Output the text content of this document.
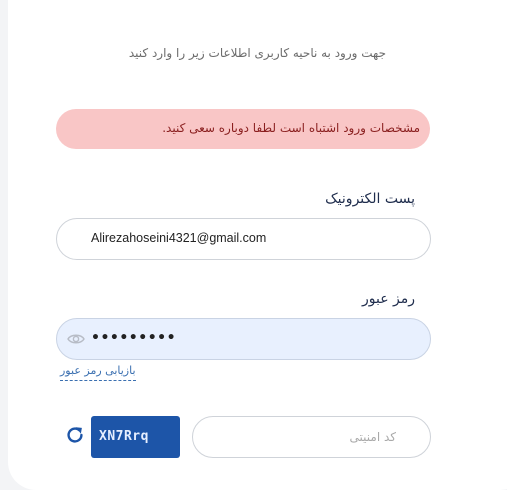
جهت ورود به ناحیه کاربری اطلاعات زیر را وارد کنید
مشخصات ورود اشتباه است لطفا دوباره سعی کنید.
پست الکترونیک
Alirezahoseini4321@gmail.com
رمز عبور
•••••••••
بازیابی رمز عبور
XN7Rrq
کد امنیتی
